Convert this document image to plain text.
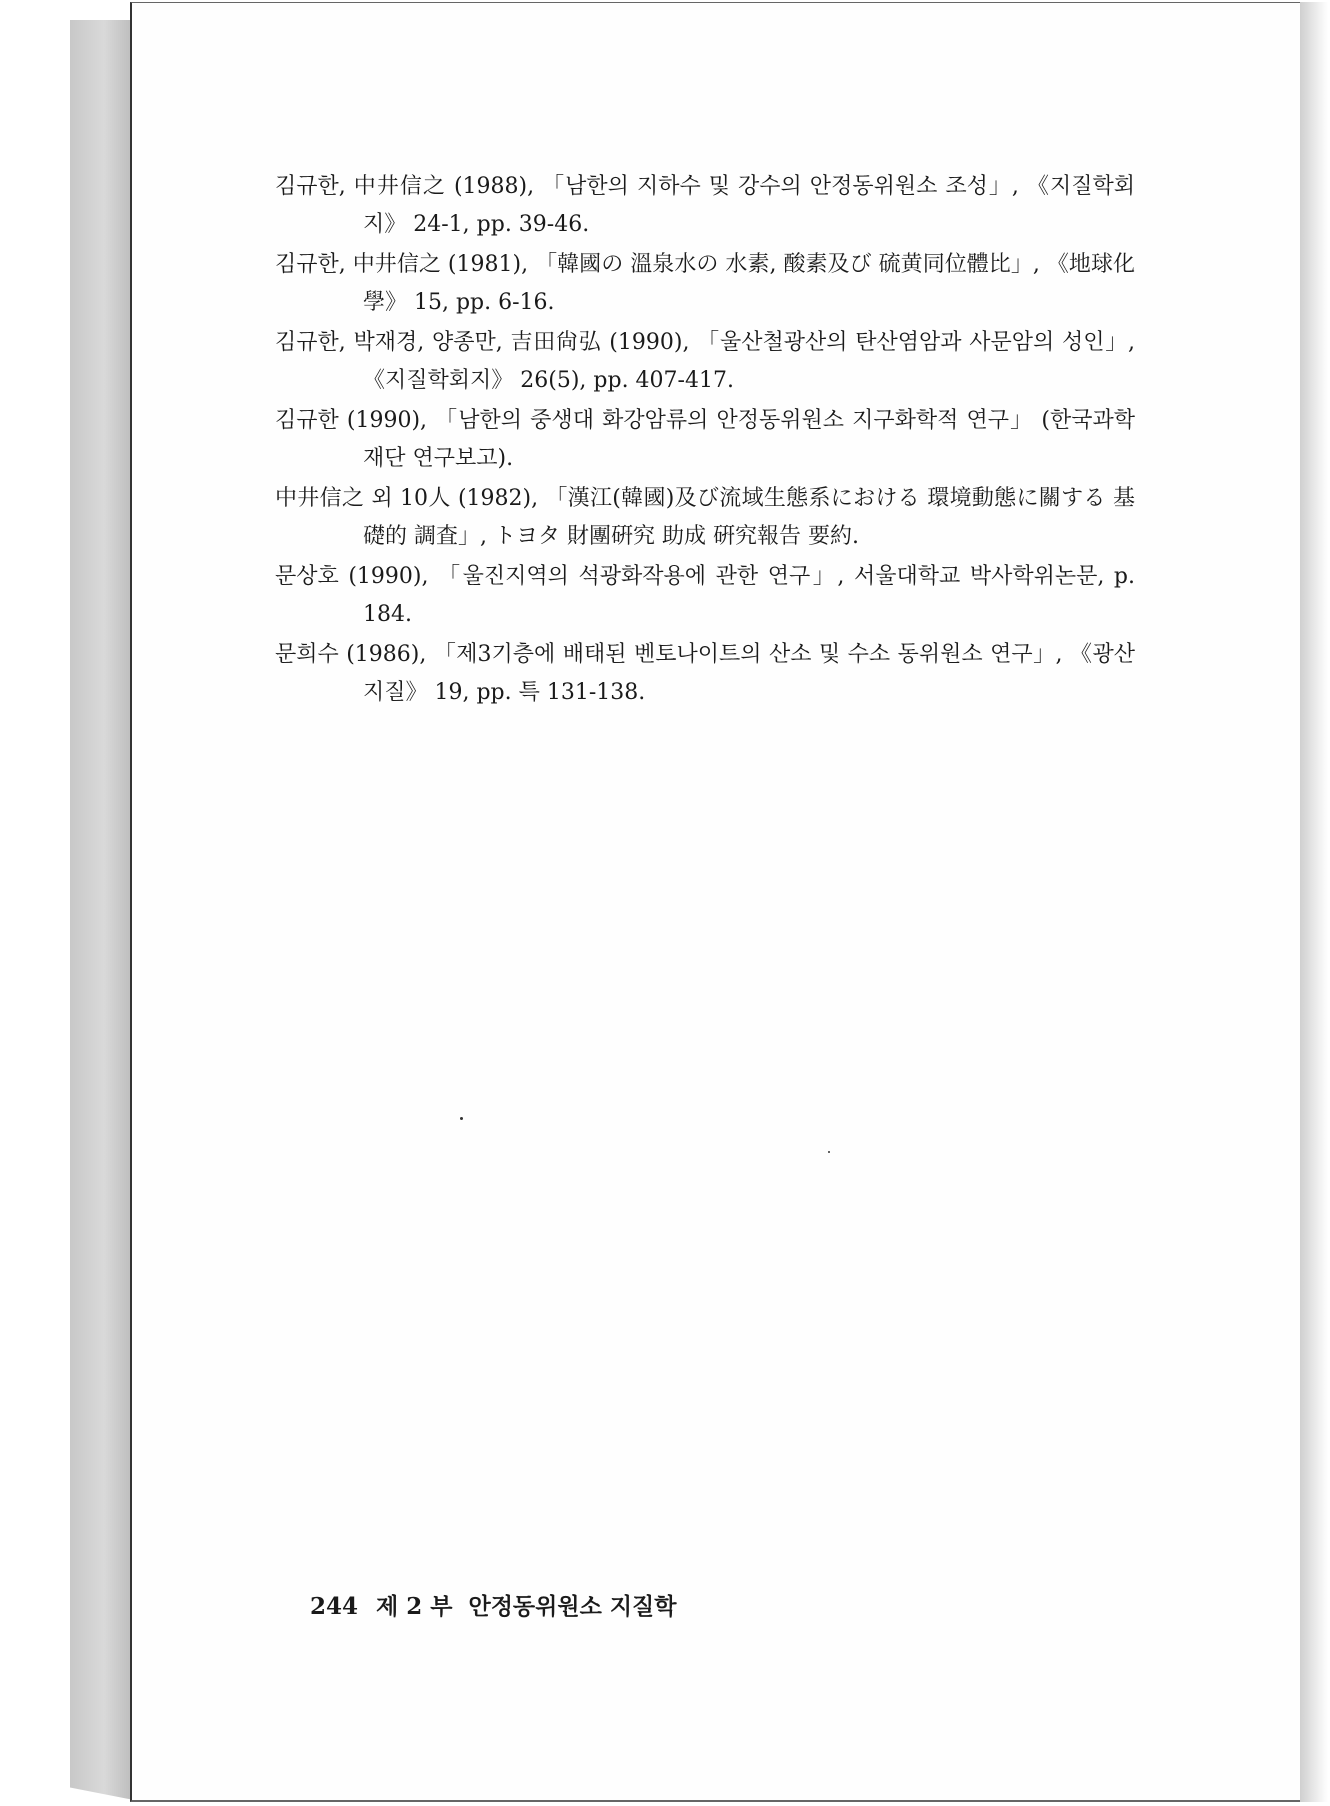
김규한, 中井信之 (1988), 「남한의 지하수 및 강수의 안정동위원소 조성」, 《지질학회지》 24-1, pp. 39-46.
김규한, 中井信之 (1981), 「韓國の 溫泉水の 水素, 酸素及び 硫黄同位體比」, 《地球化學》 15, pp. 6-16.
김규한, 박재경, 양종만, 吉田尙弘 (1990), 「울산철광산의 탄산염암과 사문암의 성인」, 《지질학회지》 26(5), pp. 407-417.
김규한 (1990), 「남한의 중생대 화강암류의 안정동위원소 지구화학적 연구」 (한국과학재단 연구보고).
中井信之 외 10人 (1982), 「漢江(韓國)及び流域生態系における 環境動態に關する 基礎的 調査」, トヨタ 財團硏究 助成 硏究報告 要約.
문상호 (1990), 「울진지역의 석광화작용에 관한 연구」, 서울대학교 박사학위논문, p. 184.
문희수 (1986), 「제3기층에 배태된 벤토나이트의 산소 및 수소 동위원소 연구」, 《광산지질》 19, pp. 특 131-138.
244 제 2 부 안정동위원소 지질학
